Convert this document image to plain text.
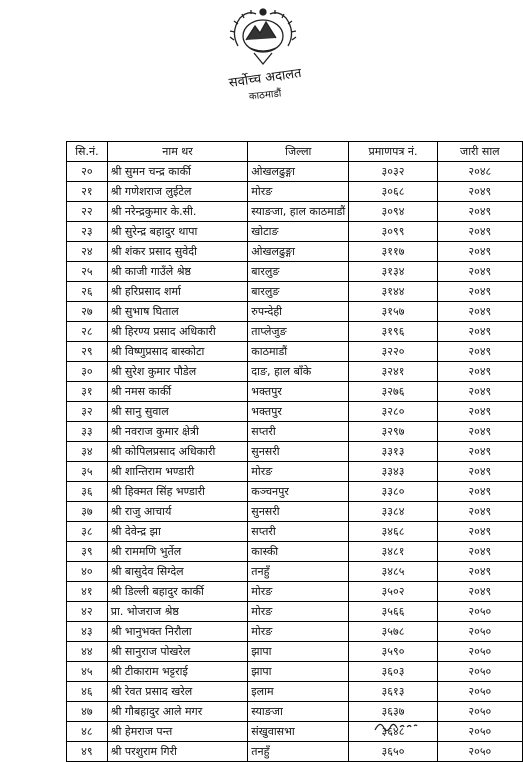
सर्वोच्च अदालत
काठमाडौं
सि.नं.	नाम थर	जिल्ला	प्रमाणपत्र नं.	जारी साल
२०	श्री सुमन चन्द्र कार्की	ओखलढुङ्गा	३०३२	२०४८
२१	श्री गणेशराज लुईटेल	मोरङ	३०६८	२०४९
२२	श्री नरेन्द्रकुमार के.सी.	स्याङजा, हाल काठमाडौं	३०९४	२०४९
२३	श्री सुरेन्द्र बहादुर थापा	खोटाङ	३०९९	२०४९
२४	श्री शंकर प्रसाद सुवेदी	ओखलढुङ्गा	३११७	२०४९
२५	श्री काजी गाउँले श्रेष्ठ	बारलुङ	३१३४	२०४९
२६	श्री हरिप्रसाद शर्मा	बारलुङ	३१४४	२०४९
२७	श्री सुभाष घिताल	रुपन्देही	३१५७	२०४९
२८	श्री हिरण्य प्रसाद अधिकारी	ताप्लेजुङ	३१९६	२०४९
२९	श्री विष्णुप्रसाद बास्कोटा	काठमाडौं	३२२०	२०४९
३०	श्री सुरेश कुमार पौडेल	दाङ, हाल बाँके	३२४१	२०४९
३१	श्री नमस कार्की	भक्तपुर	३२७६	२०४९
३२	श्री सानु सुवाल	भक्तपुर	३२८०	२०४९
३३	श्री नवराज कुमार क्षेत्री	सप्तरी	३२९७	२०४९
३४	श्री कोपिलप्रसाद अधिकारी	सुनसरी	३३१३	२०४९
३५	श्री शान्तिराम भण्डारी	मोरङ	३३४३	२०४९
३६	श्री हिक्मत सिंह भण्डारी	कञ्चनपुर	३३८०	२०४९
३७	श्री राजु आचार्य	सुनसरी	३३८४	२०४९
३८	श्री देवेन्द्र झा	सप्तरी	३४६८	२०४९
३९	श्री राममणि भुर्तेल	कास्की	३४८१	२०४९
४०	श्री बासुदेव सिग्देल	तनहुँ	३४८५	२०४९
४१	श्री डिल्ली बहादुर कार्की	मोरङ	३५०२	२०४९
४२	प्रा. भोजराज श्रेष्ठ	मोरङ	३५६६	२०५०
४३	श्री भानुभक्त निरौला	मोरङ	३५७८	२०५०
४४	श्री सानुराज पोखरेल	झापा	३५९०	२०५०
४५	श्री टीकाराम भट्टराई	झापा	३६०३	२०५०
४६	श्री रेवत प्रसाद खरेल	इलाम	३६१३	२०५०
४७	श्री गौबहादुर आले मगर	स्याङजा	३६३७	२०५०
४८	श्री हेमराज पन्त	संखुवासभा	३६४८	२०५०
४९	श्री परशुराम गिरी	तनहुँ	३६५०	२०५०
